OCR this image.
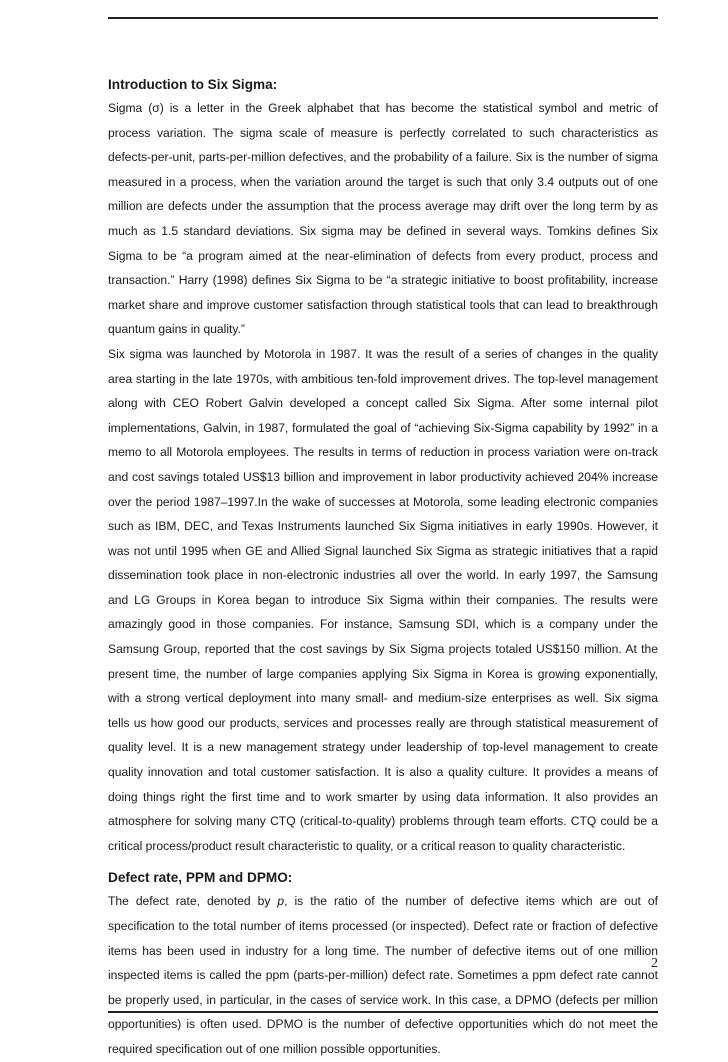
Introduction to Six Sigma:

Sigma (σ) is a letter in the Greek alphabet that has become the statistical symbol and metric of process variation. The sigma scale of measure is perfectly correlated to such characteristics as defects-per-unit, parts-per-million defectives, and the probability of a failure. Six is the number of sigma measured in a process, when the variation around the target is such that only 3.4 outputs out of one million are defects under the assumption that the process average may drift over the long term by as much as 1.5 standard deviations. Six sigma may be defined in several ways. Tomkins defines Six Sigma to be “a program aimed at the near-elimination of defects from every product, process and transaction.” Harry (1998) defines Six Sigma to be “a strategic initiative to boost profitability, increase market share and improve customer satisfaction through statistical tools that can lead to breakthrough quantum gains in quality.”

Six sigma was launched by Motorola in 1987. It was the result of a series of changes in the quality area starting in the late 1970s, with ambitious ten-fold improvement drives. The top-level management along with CEO Robert Galvin developed a concept called Six Sigma. After some internal pilot implementations, Galvin, in 1987, formulated the goal of “achieving Six-Sigma capability by 1992” in a memo to all Motorola employees. The results in terms of reduction in process variation were on-track and cost savings totaled US$13 billion and improvement in labor productivity achieved 204% increase over the period 1987–1997.In the wake of successes at Motorola, some leading electronic companies such as IBM, DEC, and Texas Instruments launched Six Sigma initiatives in early 1990s. However, it was not until 1995 when GE and Allied Signal launched Six Sigma as strategic initiatives that a rapid dissemination took place in non-electronic industries all over the world. In early 1997, the Samsung and LG Groups in Korea began to introduce Six Sigma within their companies. The results were amazingly good in those companies. For instance, Samsung SDI, which is a company under the Samsung Group, reported that the cost savings by Six Sigma projects totaled US$150 million. At the present time, the number of large companies applying Six Sigma in Korea is growing exponentially, with a strong vertical deployment into many small- and medium-size enterprises as well. Six sigma tells us how good our products, services and processes really are through statistical measurement of quality level. It is a new management strategy under leadership of top-level management to create quality innovation and total customer satisfaction. It is also a quality culture. It provides a means of doing things right the first time and to work smarter by using data information. It also provides an atmosphere for solving many CTQ (critical-to-quality) problems through team efforts. CTQ could be a critical process/product result characteristic to quality, or a critical reason to quality characteristic.

Defect rate, PPM and DPMO:

The defect rate, denoted by p, is the ratio of the number of defective items which are out of specification to the total number of items processed (or inspected). Defect rate or fraction of defective items has been used in industry for a long time. The number of defective items out of one million inspected items is called the ppm (parts-per-million) defect rate. Sometimes a ppm defect rate cannot be properly used, in particular, in the cases of service work. In this case, a DPMO (defects per million opportunities) is often used. DPMO is the number of defective opportunities which do not meet the required specification out of one million possible opportunities.

2
